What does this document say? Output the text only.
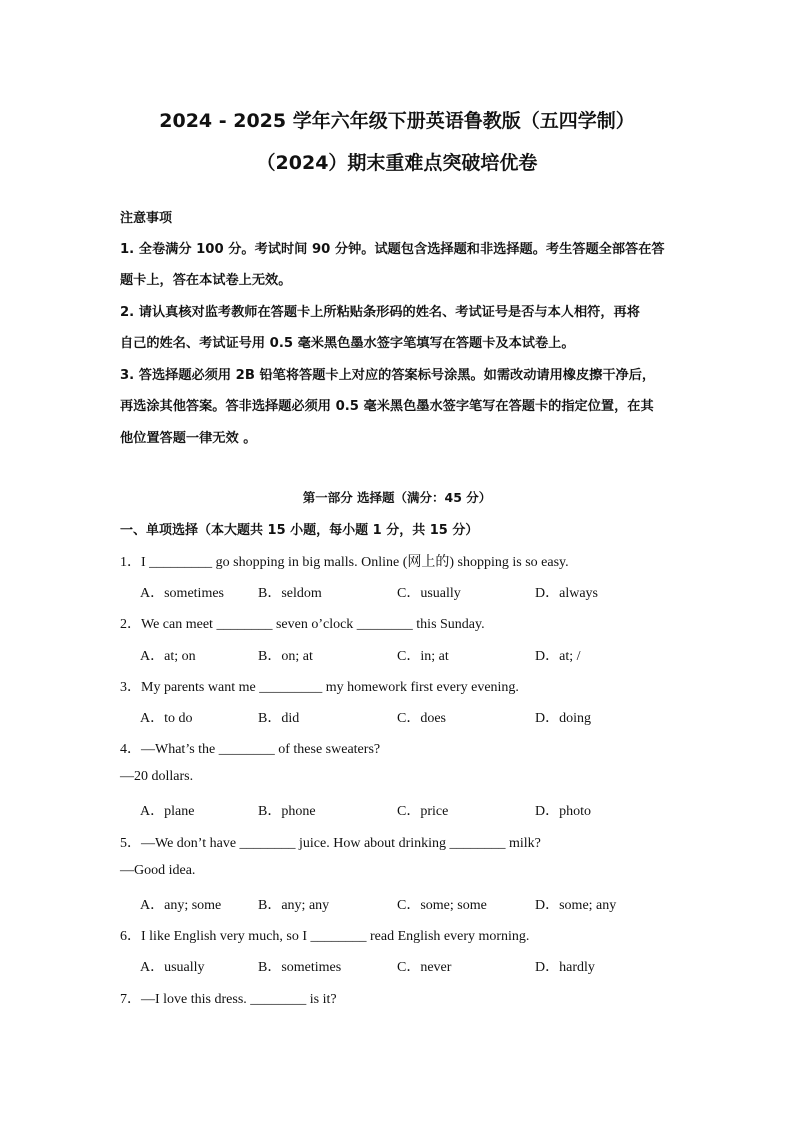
2024 - 2025 学年六年级下册英语鲁教版（五四学制）
（2024）期末重难点突破培优卷
注意事项
1. 全卷满分 100 分。考试时间 90 分钟。试题包含选择题和非选择题。考生答题全部答在答
题卡上，答在本试卷上无效。
2. 请认真核对监考教师在答题卡上所粘贴条形码的姓名、考试证号是否与本人相符，再将
自己的姓名、考试证号用 0.5 毫米黑色墨水签字笔填写在答题卡及本试卷上。
3. 答选择题必须用 2B 铅笔将答题卡上对应的答案标号涂黑。如需改动请用橡皮擦干净后，
再选涂其他答案。答非选择题必须用 0.5 毫米黑色墨水签字笔写在答题卡的指定位置，在其
他位置答题一律无效 。
第一部分 选择题（满分：45 分）
一、单项选择（本大题共 15 小题，每小题 1 分，共 15 分）
1．I _________ go shopping in big malls. Online (网上的) shopping is so easy.
A．sometimes B．seldom	C．usually	D．always
2．We can meet ________ seven o’clock ________ this Sunday.
A．at; on	B．on; at	C．in; at	D．at; /
3．My parents want me _________ my homework first every evening.
A．to do	B．did	C．does	D．doing
4．—What’s the ________ of these sweaters?
—20 dollars.
A．plane	B．phone	C．price	D．photo
5．—We don’t have ________ juice. How about drinking ________ milk?
—Good idea.
A．any; some	B．any; any	C．some; some	D．some; any
6．I like English very much, so I ________ read English every morning.
A．usually	B．sometimes	C．never	D．hardly
7．—I love this dress. ________ is it?
